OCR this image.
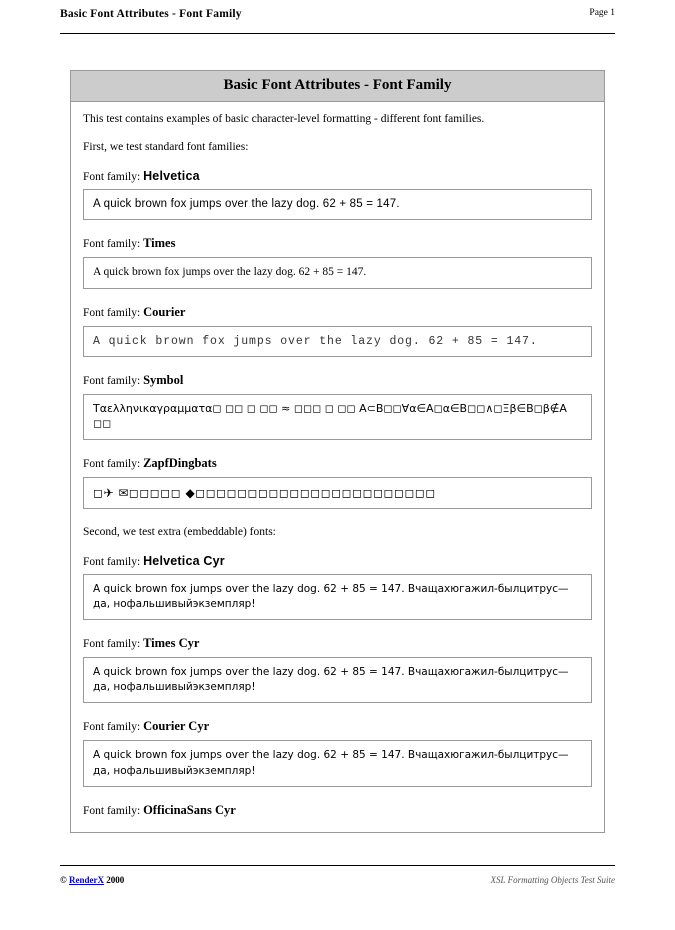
Basic Font Attributes - Font Family	Page 1
Basic Font Attributes - Font Family

This test contains examples of basic character-level formatting - different font families.

First, we test standard font families:

Font family: Helvetica
A quick brown fox jumps over the lazy dog. 62 + 85 = 147.
Font family: Times
A quick brown fox jumps over the lazy dog. 62 + 85 = 147.
Font family: Courier
A quick brown fox jumps over the lazy dog. 62 + 85 = 147.
Font family: Symbol
Ταελληνικαγραμματα◻ ◻◻ ◻ ◻◻ ≈ ◻◻◻ ◻ ◻◻ Α⊂Β◻◻∀α∈Α◻α∈Β◻◻∧◻Ξβ∈Β◻β∉Α ◻◻
Font family: ZapfDingbats
◻✈ ✉◻◻◻◻◻ ◆◻◻◻◻◻◻◻◻◻◻◻◻◻◻◻◻◻◻◻◻◻◻◻

Second, we test extra (embeddable) fonts:

Font family: Helvetica Cyr
A quick brown fox jumps over the lazy dog. 62 + 85 = 147. Вчащахюгажил-былцитрус—да, нофальшивыйэкземпляр!
Font family: Times Cyr
A quick brown fox jumps over the lazy dog. 62 + 85 = 147. Вчащахюгажил-былцитрус—да, нофальшивыйэкземпляр!
Font family: Courier Cyr
A quick brown fox jumps over the lazy dog. 62 + 85 = 147. Вчащахюгажил-былцитрус—да, нофальшивыйэкземпляр!
Font family: OfficinaSans Cyr
© RenderX 2000	XSL Formatting Objects Test Suite
